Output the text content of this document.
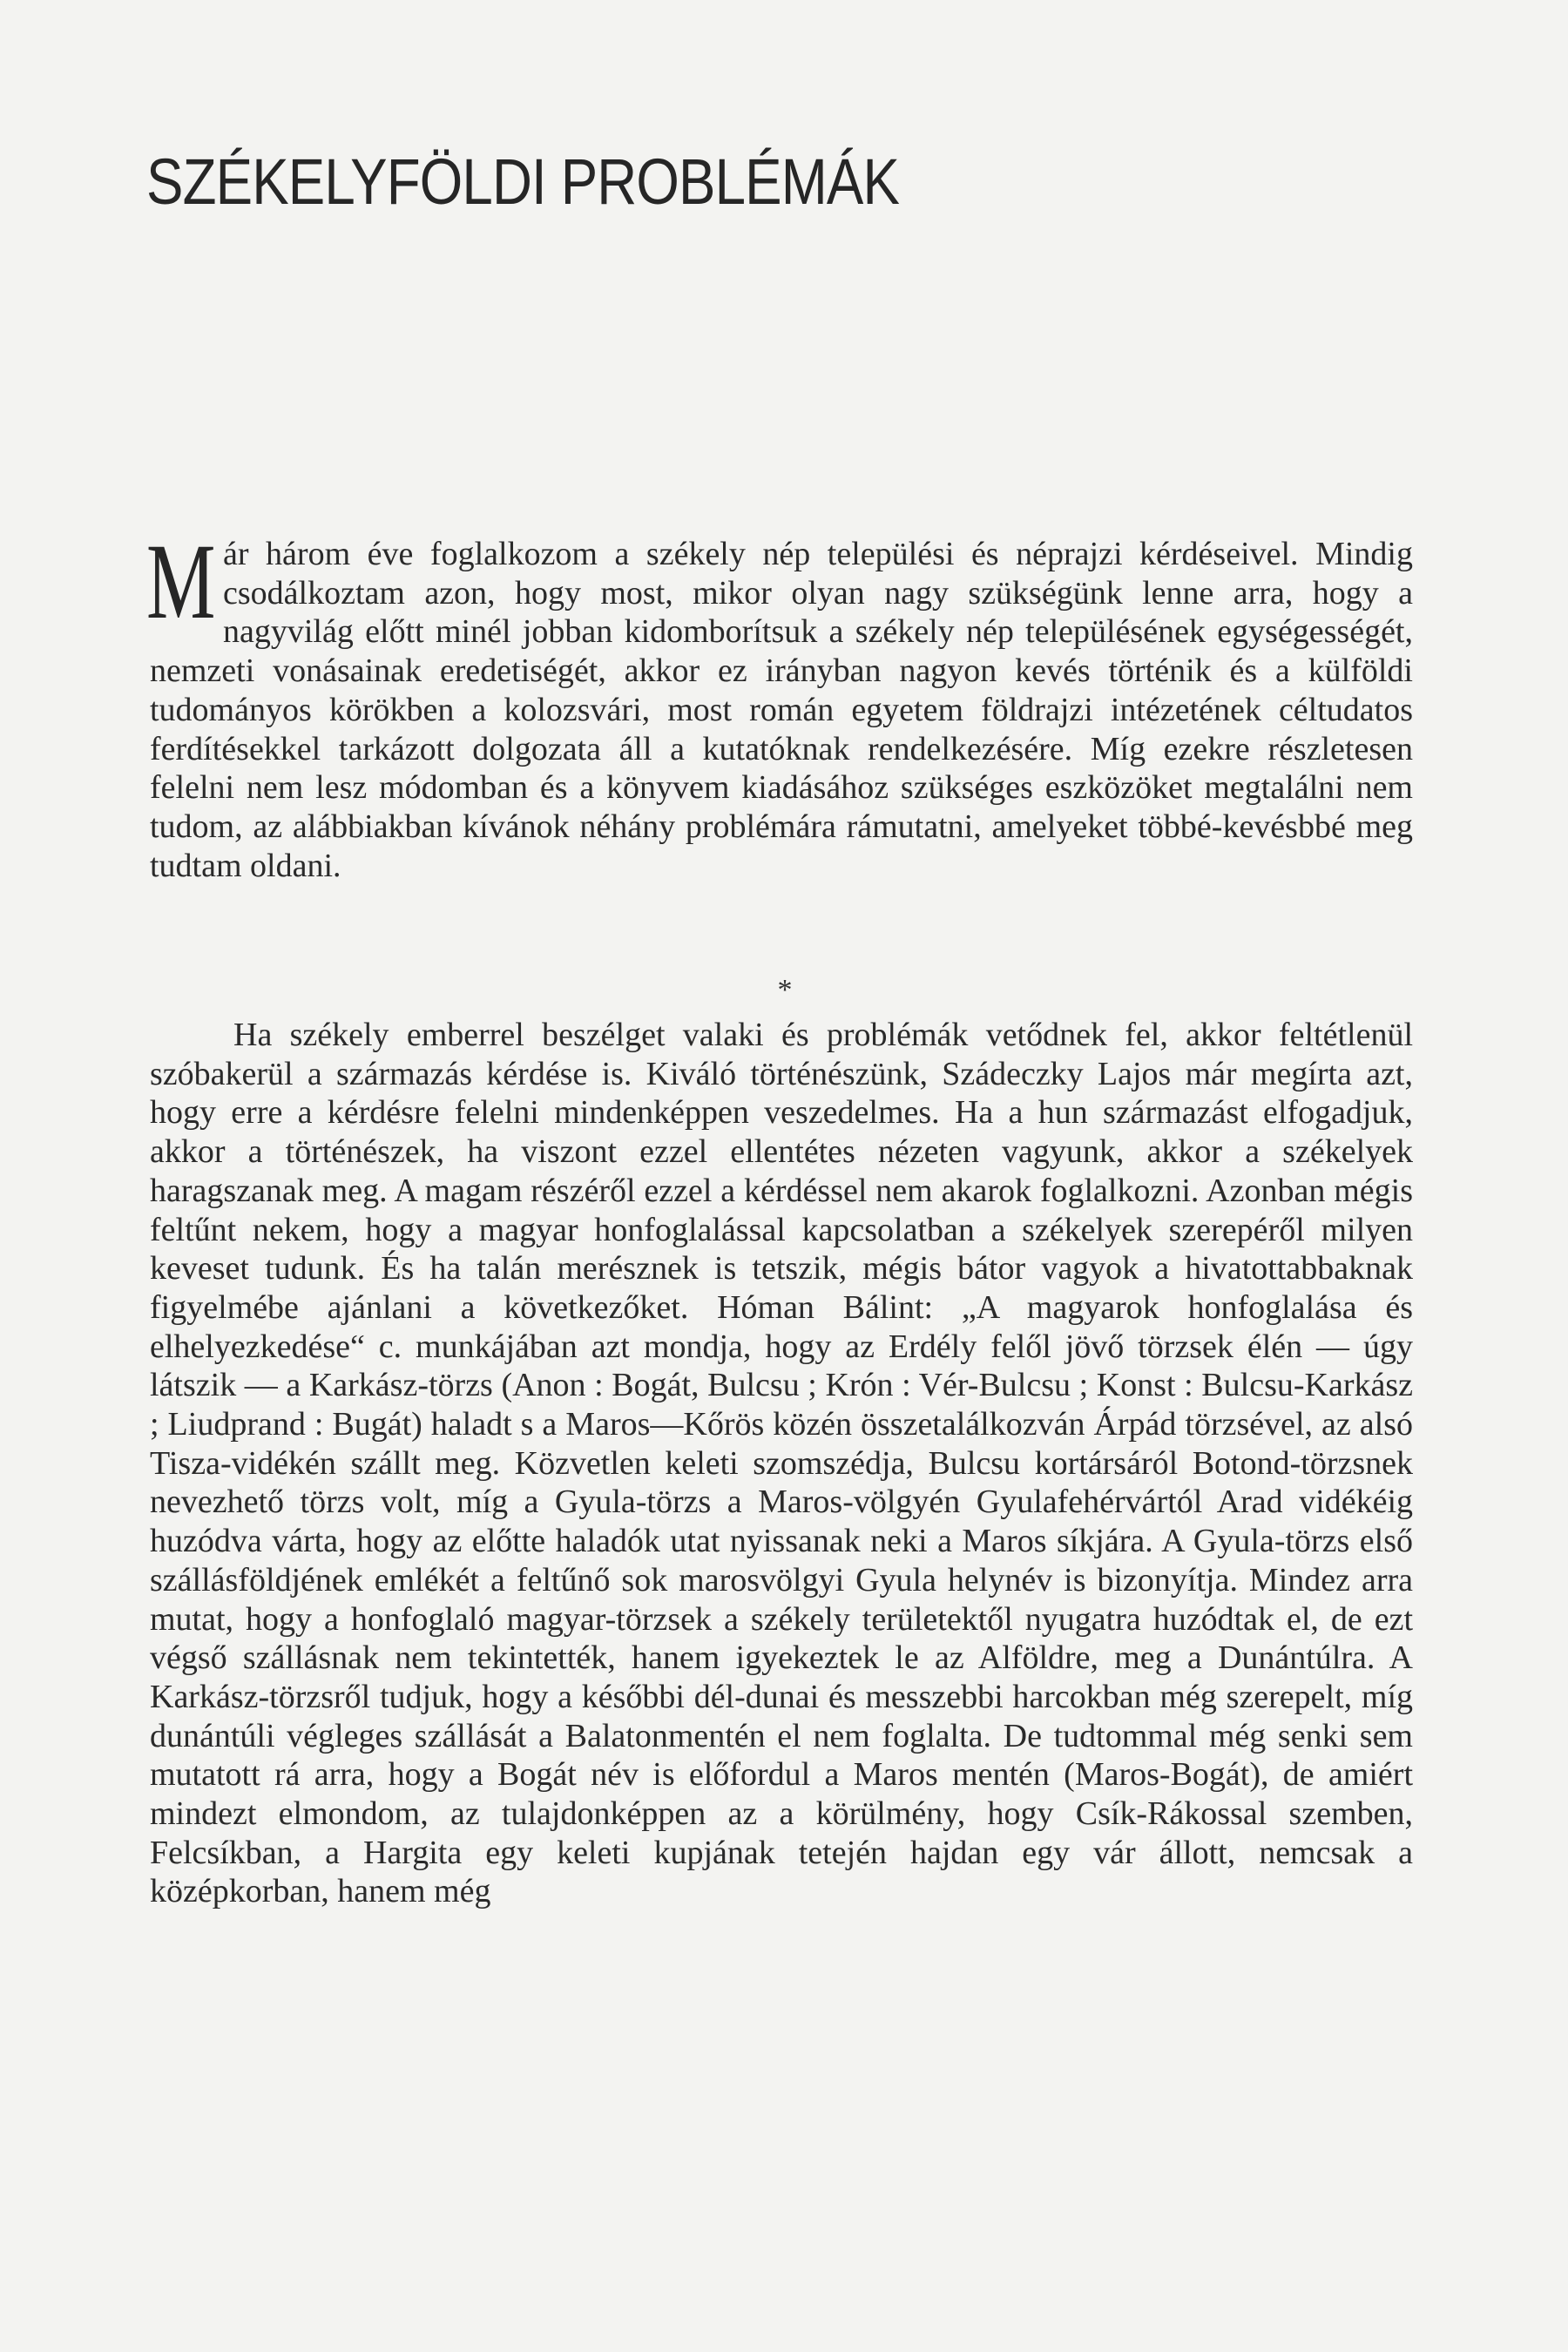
SZÉKELYFÖLDI PROBLÉMÁK

Már három éve foglalkozom a székely nép települési és néprajzi kérdéseivel. Mindig csodálkoztam azon, hogy most, mikor olyan nagy szükségünk lenne arra, hogy a nagyvilág előtt minél jobban kidomborítsuk a székely nép településének egységességét, nemzeti vonásainak eredetiségét, akkor ez irányban nagyon kevés történik és a külföldi tudományos körökben a kolozsvári, most román egyetem földrajzi intézetének céltudatos ferdítésekkel tarkázott dolgozata áll a kutatóknak rendelkezésére. Míg ezekre részletesen felelni nem lesz módomban és a könyvem kiadásához szükséges eszközöket megtalálni nem tudom, az alábbiakban kívánok néhány problémára rámutatni, amelyeket többé-kevésbbé meg tudtam oldani.

*

Ha székely emberrel beszélget valaki és problémák vetődnek fel, akkor feltétlenül szóbakerül a származás kérdése is. Kiváló történészünk, Szádeczky Lajos már megírta azt, hogy erre a kérdésre felelni mindenképpen veszedelmes. Ha a hun származást elfogadjuk, akkor a történészek, ha viszont ezzel ellentétes nézeten vagyunk, akkor a székelyek haragszanak meg. A magam részéről ezzel a kérdéssel nem akarok foglalkozni. Azonban mégis feltűnt nekem, hogy a magyar honfoglalással kapcsolatban a székelyek szerepéről milyen keveset tudunk. És ha talán merésznek is tetszik, mégis bátor vagyok a hivatottabbaknak figyelmébe ajánlani a következőket. Hóman Bálint: „A magyarok honfoglalása és elhelyezkedése“ c. munkájában azt mondja, hogy az Erdély felől jövő törzsek élén — úgy látszik — a Karkász-törzs (Anon : Bogát, Bulcsu ; Krón : Vér-Bulcsu ; Konst : Bulcsu-Karkász ; Liudprand : Bugát) haladt s a Maros—Kőrös közén összetalálkozván Árpád törzsével, az alsó Tisza-vidékén szállt meg. Közvetlen keleti szomszédja, Bulcsu kortársáról Botond-törzsnek nevezhető törzs volt, míg a Gyula-törzs a Maros-völgyén Gyulafehérvártól Arad vidékéig huzódva várta, hogy az előtte haladók utat nyissanak neki a Maros síkjára. A Gyula-törzs első szállásföldjének emlékét a feltűnő sok marosvölgyi Gyula helynév is bizonyítja. Mindez arra mutat, hogy a honfoglaló magyar-törzsek a székely területektől nyugatra huzódtak el, de ezt végső szállásnak nem tekintették, hanem igyekeztek le az Alföldre, meg a Dunántúlra. A Karkász-törzsről tudjuk, hogy a későbbi dél-dunai és messzebbi harcokban még szerepelt, míg dunántúli végleges szállását a Balatonmentén el nem foglalta. De tudtommal még senki sem mutatott rá arra, hogy a Bogát név is előfordul a Maros mentén (Maros-Bogát), de amiért mindezt elmondom, az tulajdonképpen az a körülmény, hogy Csík-Rákossal szemben, Felcsíkban, a Hargita egy keleti kupjának tetején hajdan egy vár állott, nemcsak a középkorban, hanem még
